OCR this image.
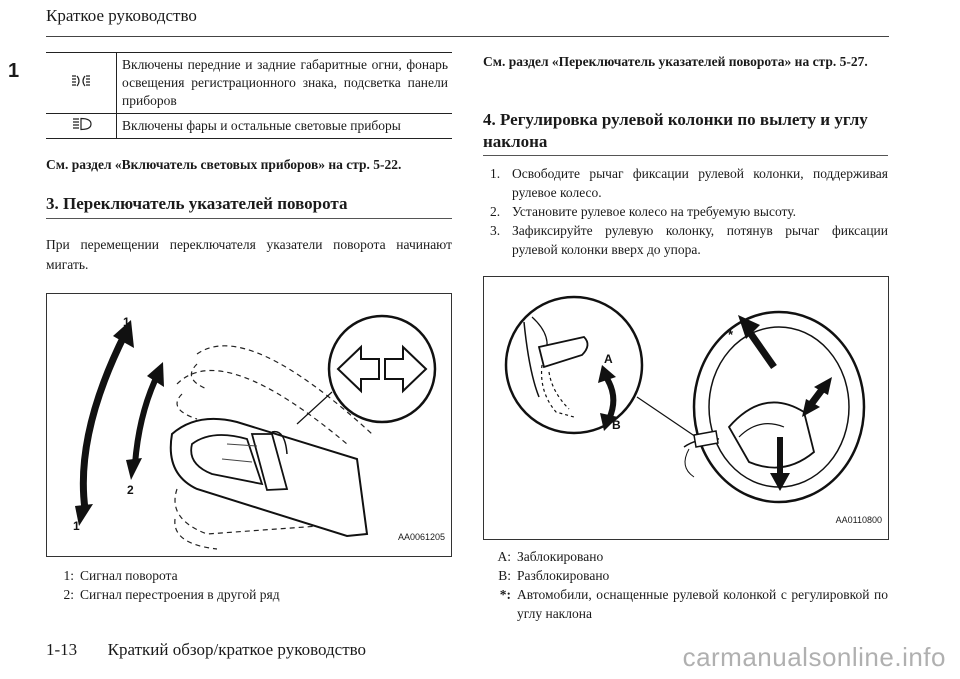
Краткое руководство
1
		Включены передние и задние габаритные огни, фонарь освещения регистрационного знака, подсветка панели приборов
	Включены фары и остальные световые приборы
См. раздел «Включатель световых приборов» на стр. 5-22.
3. Переключатель указателей поворота
При перемещении переключателя указатели поворота начинают мигать.
1
2
2
1
AA0061205
1: Сигнал поворота
2: Сигнал перестроения в другой ряд
См. раздел «Переключатель указателей поворота» на стр. 5-27.
4. Регулировка рулевой колонки по вылету и углу наклона
1. Освободите рычаг фиксации рулевой колонки, поддерживая рулевое колесо.
2. Установите рулевое колесо на требуемую высоту.
3. Зафиксируйте рулевую колонку, потянув рычаг фиксации рулевой колонки вверх до упора.
A
B
*
AA0110800
A: Заблокировано
B: Разблокировано
*: Автомобили, оснащенные рулевой колонкой с регулировкой по углу наклона
1-13 Краткий обзор/краткое руководство	carmanualsonline.info
